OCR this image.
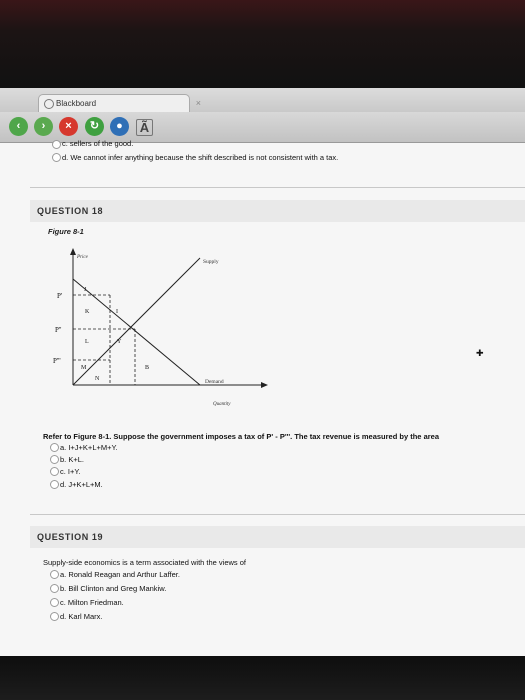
Blackboard	×
‹	›	×	↻	●	Ã
c. sellers of the good.
d. We cannot infer anything because the shift described is not consistent with a tax.
QUESTION 18
Figure 8-1
Price
Quantity
Supply
Demand
P'
P''
P'''
J
K	I
L	Y
M	B
N
Refer to Figure 8-1. Suppose the government imposes a tax of P' - P'''. The tax revenue is measured by the area
a. I+J+K+L+M+Y.
b. K+L.
c. I+Y.
d. J+K+L+M.
QUESTION 19
Supply-side economics is a term associated with the views of
a. Ronald Reagan and Arthur Laffer.
b. Bill Clinton and Greg Mankiw.
c. Milton Friedman.
d. Karl Marx.
✚
